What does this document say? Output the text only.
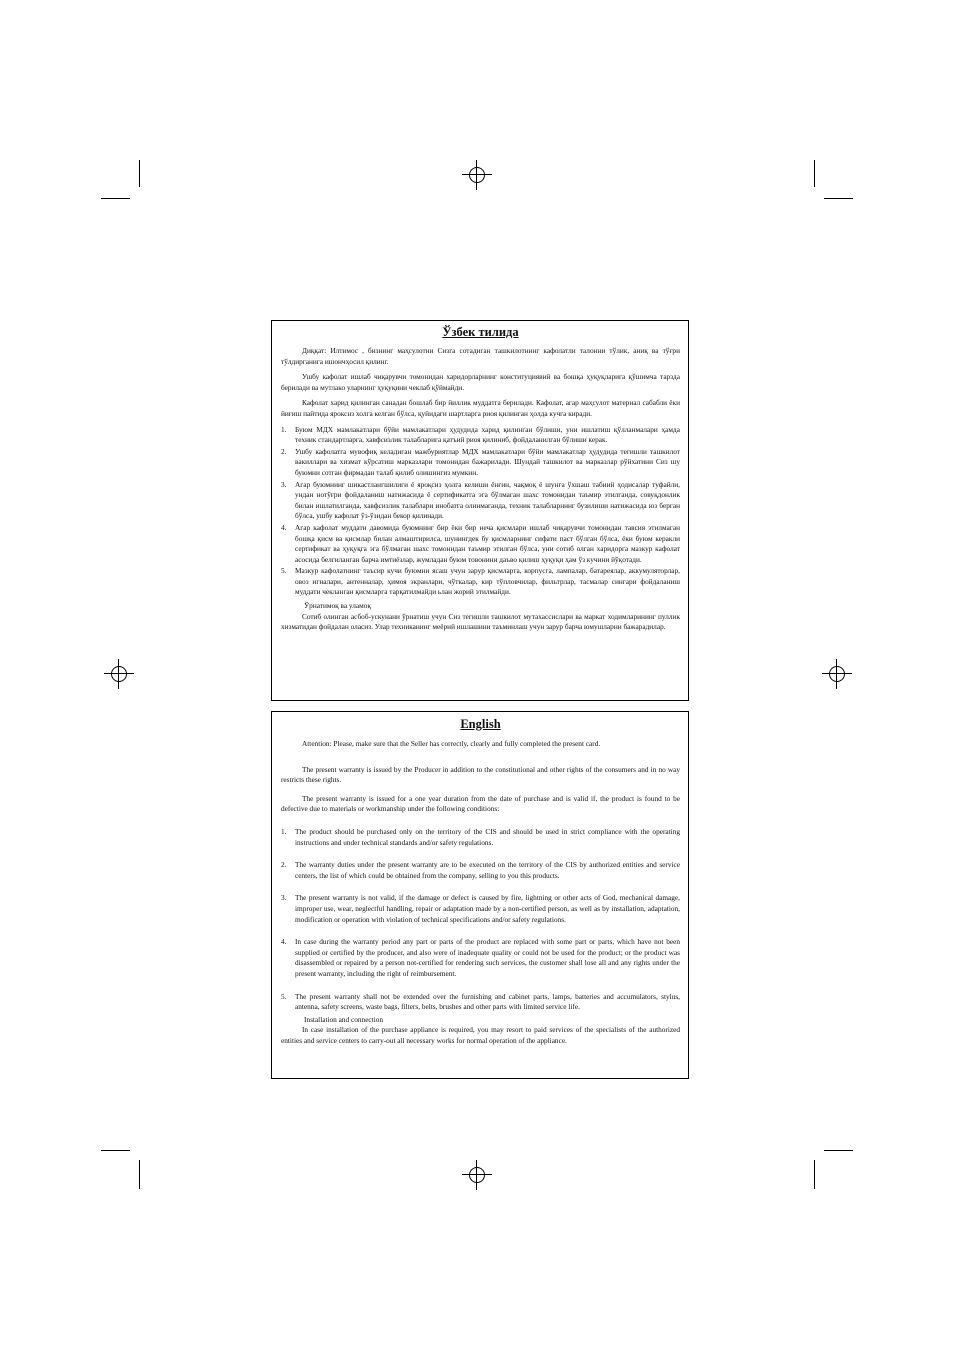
Ўзбек тилида

Диққат: Илтимос , бизнинг маҳсулотни Сизга сотадиган ташкилотнинг кафолатли талонни тўлик, аниқ ва тўғри тўлдирганига ишончҳосил қилинг.

Ушбу кафолат ишлаб чиқарувчи томонидан харидорларнинг конституциявий ва бошқа ҳуқуқларига қўшимча тарзда берилади ва мутлако уларнинг ҳуқуқини чеклаб қўймайди.

Кафолат харид қилинган санадан бошлаб бир йиллик муддатга берилади. Кафолат, агар маҳсулот материал сабабли ёки йиғиш пайтида ярокснз холга келган бўлса, қуйидаги шартларга риоя қилинган ҳолда кучга киради.

1.	Буюм МДХ мамлакатлари бўйи мамлакатлари ҳудудида харид қилинган бўлиши, уни ишлатиш қўлланмалари ҳамда техник стандартларга, хавфсизлик талабларига қатъий риоя қилиниб, фойдаланилган бўлиши керак.
2.	Ушбу кафолатга мувофиқ келадиган мажбуриятлар МДХ мамлакатлари бўйи мамлакатлар ҳудудида тегишли ташкилот вакиллари ва хизмат кўрсатиш марказлари томонидан бажарилади. Шундай ташкилот ва марказлар рўйхатини Сиз шу буюмни сотган фирмадан талаб қилиб олишингиз мумкин.
3.	Агар буюмнинг шикастлангшилиги ё яроқсиз ҳолга келиши ёнғин, чақмоқ ё шунга ўхшаш табиий ҳодисалар туфайли, ундан нотўғри фойдаланиш натижасида ё сертификатга эга бўлмаган шахс томонидан таъмир этилганда, совуқдонлик билан ишлатилганда, хавфсизлик талаблари инобатга олинмаганда, техник талабларнинг бузилиши натижасида юз берган бўлса, ушбу кафолат ўз-ўзидан бекор қилинади.
4.	Агар кафолат муддати давомида буюмнинг бир ёки бир неча қисмлари ишлаб чиқарувчи томонидан тавсия этилмаган бошқа қисм ва қисмлар билан алмаштирилса, шунингдек бу қисмларнинг сифати паст бўлган бўлса, ёки буюм керакли сертификат ва ҳуқуқга эга бўлмаган шахс томонидан таъмир этилган бўлса, уни сотиб олган харидорга мазкур кафолат асосида белгиланган барча имтиёзлар, жумладан буюм товонини даъво қилиш ҳуқуқи ҳам ўз кучини йўқотади.
5.	Мазкур кафолатнинг таъсир кучи буюмни ясаш учун зарур қисмларга, корпусга, лампалар, батареялар, аккумуляторлар, овоз игналари, антенналар, ҳимоя экранлари, чўткалар, кир тўпловчилар, фильтрлар, тасмалар сингари фойдаланиш муддати чекланган қисмларга тарқатилмайди ьлан жорий этилмайди.
Ўрнатимоқ ва уламоқ
Сотиб олинган асбоб-ускунани ўрнатиш учун Сиз тегишли ташкилот мутахассислари ва маркат ходимларининг пуллик хизматидан фойдалан оласиз. Улар техниканинг меёрий ишлашини таъминлаш учун зарур барча юмушларни бажарадилар.
English

Attention: Please, make sure that the Seller has correctly, clearly and fully completed the present card.

The present warranty is issued by the Producer in addition to the constitutional and other rights of the consumers and in no way restricts these rights.

The present warranty is issued for a one year duration from the date of purchase and is valid if, the product is found to be defective due to materials or workmanship under the following conditions:

1.	The product should be purchased only on the territory of the CIS and should be used in strict compliance with the operating instructions and under technical standards and/or safety regulations.
2.	The warranty duties under the present warranty are to be executed on the territory of the CIS by authorized entities and service centers, the list of which could be obtained from the company, selling to you this products.
3.	The present warranty is not valid, if the damage or defect is caused by fire, lightning or other acts of God, mechanical damage, improper use, wear, neglectful handling, repair or adaptation made by a non-certified person, as well as by installation, adaptation, modification or operation with violation of technical specifications and/or safety regulations.
4.	In case during the warranty period any part or parts of the product are replaced with some part or parts, which have not been supplied or certified by the producer, and also were of inadequate quality or could not be used for the product; or the product was disassembled or repaired by a person not-certified for rendering such services, the customer shall lose all and any rights under the present warranty, including the right of reimbursement.
5.	The present warranty shall not be extended over the furnishing and cabinet parts, lamps, batteries and accumulators, stylus, antenna, safety screens, waste bags, filters, belts, brushes and other parts with limited service life.
Installation and connection
In case installation of the purchase appliance is required, you may resort to paid services of the specialists of the authorized entities and service centers to carry-out all necessary works for normal operation of the appliance.
